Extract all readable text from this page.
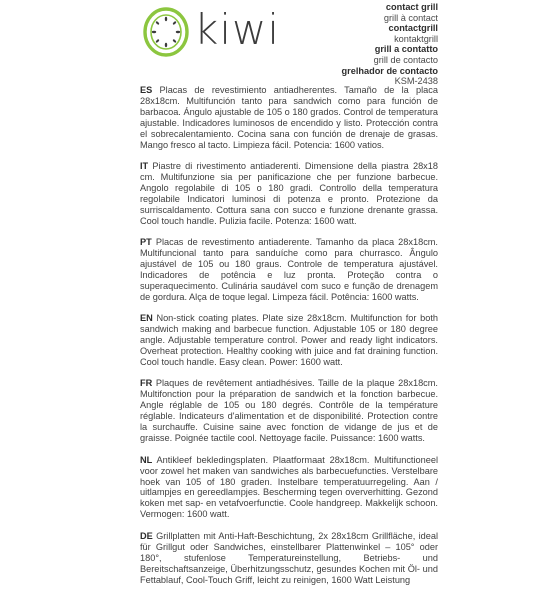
kiwi	contact grill
grill à contact
contactgrill
kontaktgrill
grill a contatto
grill de contacto
grelhador de contacto
KSM-2438

ES Placas de revestimiento antiadherentes. Tamaño de la placa 28x18cm. Multifunción tanto para sandwich como para función de barbacoa. Ángulo ajustable de 105 o 180 grados. Control de temperatura ajustable. Indicadores luminosos de encendido y listo. Protección contra el sobrecalentamiento. Cocina sana con función de drenaje de grasas. Mango fresco al tacto. Limpieza fácil. Potencia: 1600 vatios.

IT Piastre di rivestimento antiaderenti. Dimensione della piastra 28x18 cm. Multifunzione sia per panificazione che per funzione barbecue. Angolo regolabile di 105 o 180 gradi. Controllo della temperatura regolabile Indicatori luminosi di potenza e pronto. Protezione da surriscaldamento. Cottura sana con succo e funzione drenante grassa. Cool touch handle. Pulizia facile. Potenza: 1600 watt.

PT Placas de revestimento antiaderente. Tamanho da placa 28x18cm. Multifuncional tanto para sanduíche como para churrasco. Ângulo ajustável de 105 ou 180 graus. Controle de temperatura ajustável. Indicadores de potência e luz pronta. Proteção contra o superaquecimento. Culinária saudável com suco e função de drenagem de gordura. Alça de toque legal. Limpeza fácil. Potência: 1600 watts.

EN Non-stick coating plates. Plate size 28x18cm. Multifunction for both sandwich making and barbecue function. Adjustable 105 or 180 degree angle. Adjustable temperature control. Power and ready light indicators. Overheat protection. Healthy cooking with juice and fat draining function. Cool touch handle. Easy clean. Power: 1600 watt.

FR Plaques de revêtement antiadhésives. Taille de la plaque 28x18cm. Multifonction pour la préparation de sandwich et la fonction barbecue. Angle réglable de 105 ou 180 degrés. Contrôle de la température réglable. Indicateurs d'alimentation et de disponibilité. Protection contre la surchauffe. Cuisine saine avec fonction de vidange de jus et de graisse. Poignée tactile cool. Nettoyage facile. Puissance: 1600 watts.

NL Antikleef bekledingsplaten. Plaatformaat 28x18cm. Multifunctioneel voor zowel het maken van sandwiches als barbecuefuncties. Verstelbare hoek van 105 of 180 graden. Instelbare temperatuurregeling. Aan / uitlampjes en gereedlampjes. Bescherming tegen oververhitting. Gezond koken met sap- en vetafvoerfunctie. Coole handgreep. Makkelijk schoon. Vermogen: 1600 watt.

DE Grillplatten mit Anti-Haft-Beschichtung, 2x 28x18cm Grillfläche, ideal für Grillgut oder Sandwiches, einstellbarer Plattenwinkel – 105° oder 180°, stufenlose Temperatureinstellung, Betriebs- und Bereitschaftsanzeige, Überhitzungsschutz, gesundes Kochen mit Öl- und Fettablauf, Cool-Touch Griff, leicht zu reinigen, 1600 Watt Leistung
